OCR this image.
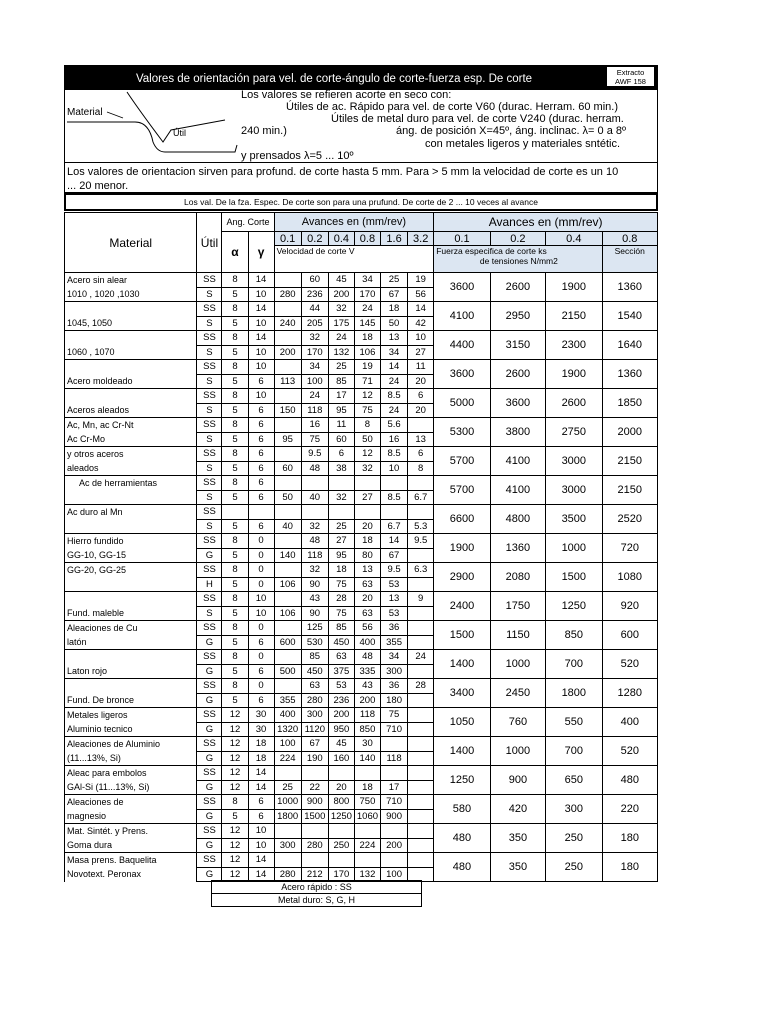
Valores de orientación para vel. de corte-ángulo de corte-fuerza esp. De corte
Extracto
AWF 158
Material
Útil
Los valores se refieren acorte en seco con:
Útiles de ac. Rápido para vel. de corte V60 (durac. Herram. 60 min.)
Útiles de metal duro para vel. de corte V240 (durac. herram.
240 min.)	áng. de posición X=45º, áng. inclinac. λ= 0 a 8º
con metales ligeros y materiales sntétic.
y prensados λ=5 ... 10º
Los valores de orientacion sirven para profund. de corte hasta 5 mm. Para > 5 mm la velocidad de corte es un 10
... 20 menor.
Los val. De la fza. Espec. De corte son para una prufund. De corte de 2 ... 10 veces al avance
Material	Útil	Ang. Corte		Avances en (mm/rev)						Avances en (mm/rev)			
		α	γ	0.1	0.2	0.4	0.8	1.6	3.2	0.1	0.2	0.4	0.8
				Velocidad de corte V						Fuerza especifica de corte ks
de tensiones N/mm2			Sección
Acero sin alear	SS	8	14		60	45	34	25	19	3600	2600	1900	1360
1010 , 1020 ,1030	S	5	10	280	236	200	170	67	56				
	SS	8	14		44	32	24	18	14	4100	2950	2150	1540
1045, 1050	S	5	10	240	205	175	145	50	42				
	SS	8	14		32	24	18	13	10	4400	3150	2300	1640
1060 , 1070	S	5	10	200	170	132	106	34	27				
	SS	8	10		34	25	19	14	11	3600	2600	1900	1360
Acero moldeado	S	5	6	113	100	85	71	24	20				
	SS	8	10		24	17	12	8.5	6	5000	3600	2600	1850
Aceros aleados	S	5	6	150	118	95	75	24	20				
Ac, Mn, ac Cr-Nt	SS	8	6		16	11	8	5.6		5300	3800	2750	2000
Ac Cr-Mo	S	5	6	95	75	60	50	16	13				
y otros aceros	SS	8	6		9.5	6	12	8.5	6	5700	4100	3000	2150
aleados	S	5	6	60	48	38	32	10	8				
Ac de herramientas	SS	8	6							5700	4100	3000	2150
	S	5	6	50	40	32	27	8.5	6.7				
Ac duro al Mn	SS									6600	4800	3500	2520
	S	5	6	40	32	25	20	6.7	5.3				
Hierro fundido	SS	8	0		48	27	18	14	9.5	1900	1360	1000	720
GG-10, GG-15	G	5	0	140	118	95	80	67					
GG-20, GG-25	SS	8	0		32	18	13	9.5	6.3	2900	2080	1500	1080
	H	5	0	106	90	75	63	53					
	SS	8	10		43	28	20	13	9	2400	1750	1250	920
Fund. maleble	S	5	10	106	90	75	63	53					
Aleaciones de Cu	SS	8	0		125	85	56	36		1500	1150	850	600
latón	G	5	6	600	530	450	400	355					
	SS	8	0		85	63	48	34	24	1400	1000	700	520
Laton rojo	G	5	6	500	450	375	335	300					
	SS	8	0		63	53	43	36	28	3400	2450	1800	1280
Fund. De bronce	G	5	6	355	280	236	200	180					
Metales ligeros	SS	12	30	400	300	200	118	75		1050	760	550	400
Aluminio tecnico	G	12	30	1320	1120	950	850	710					
Aleaciones de Aluminio	SS	12	18	100	67	45	30			1400	1000	700	520
(11...13%, Si)	G	12	18	224	190	160	140	118					
Aleac para embolos	SS	12	14							1250	900	650	480
GAl-Si (11...13%, Si)	G	12	14	25	22	20	18	17					
Aleaciones de	SS	8	6	1000	900	800	750	710		580	420	300	220
magnesio	G	5	6	1800	1500	1250	1060	900					
Mat. Sintét. y Prens.	SS	12	10							480	350	250	180
Goma dura	G	12	10	300	280	250	224	200					
Masa prens. Baquelita	SS	12	14							480	350	250	180
Novotext. Peronax	G	12	14	280	212	170	132	100					
Acero rápido : SS
Metal duro: S, G, H
